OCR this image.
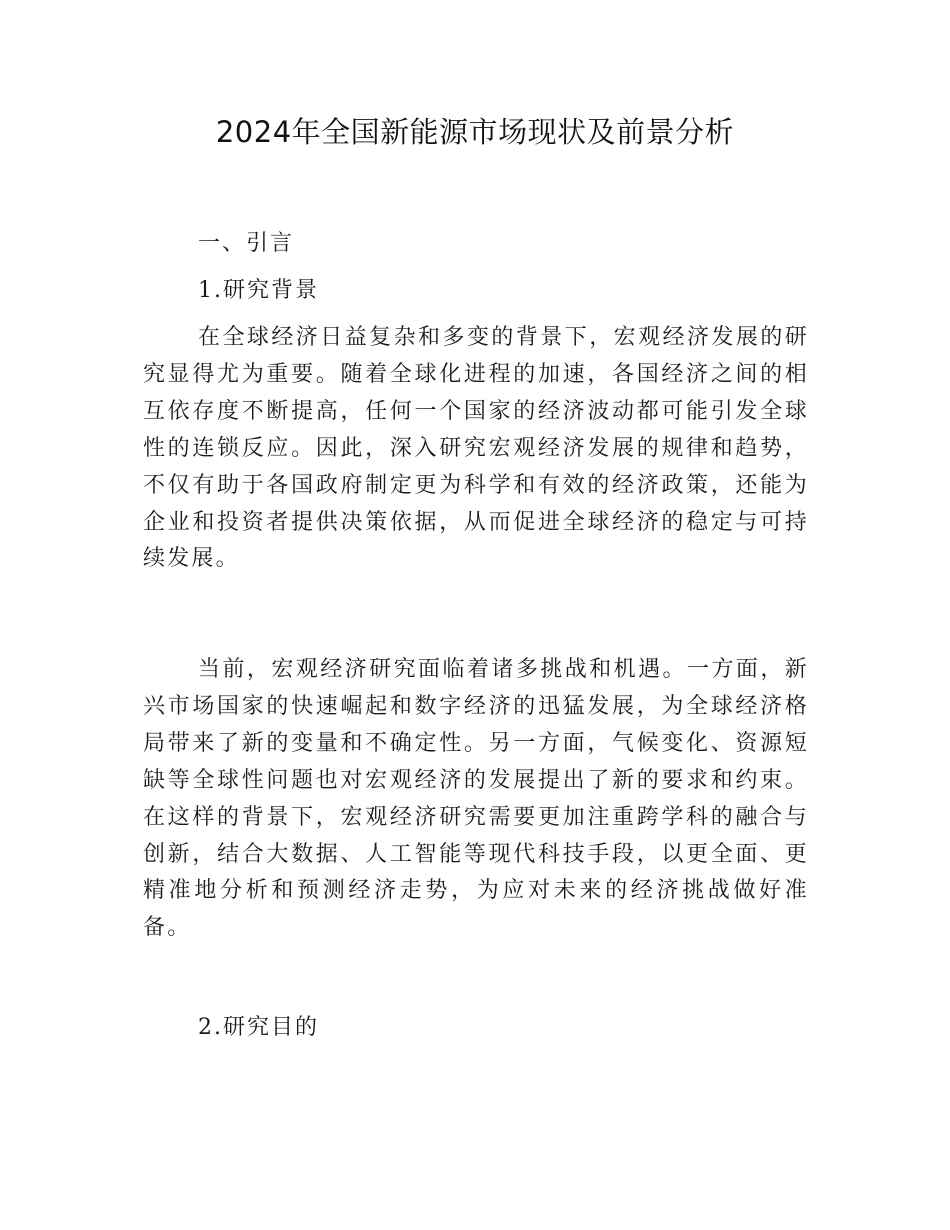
2024年全国新能源市场现状及前景分析
一、引言
1.研究背景
在全球经济日益复杂和多变的背景下，宏观经济发展的研究显得尤为重要。随着全球化进程的加速，各国经济之间的相互依存度不断提高，任何一个国家的经济波动都可能引发全球性的连锁反应。因此，深入研究宏观经济发展的规律和趋势，不仅有助于各国政府制定更为科学和有效的经济政策，还能为企业和投资者提供决策依据，从而促进全球经济的稳定与可持续发展。
当前，宏观经济研究面临着诸多挑战和机遇。一方面，新兴市场国家的快速崛起和数字经济的迅猛发展，为全球经济格局带来了新的变量和不确定性。另一方面，气候变化、资源短缺等全球性问题也对宏观经济的发展提出了新的要求和约束。在这样的背景下，宏观经济研究需要更加注重跨学科的融合与创新，结合大数据、人工智能等现代科技手段，以更全面、更精准地分析和预测经济走势，为应对未来的经济挑战做好准备。
2.研究目的
